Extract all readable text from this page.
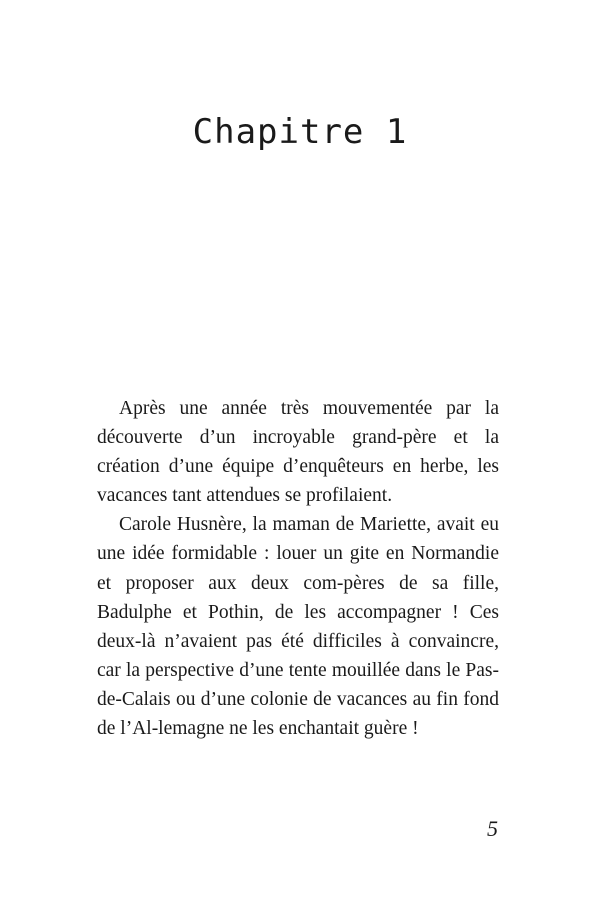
Chapitre 1

Après une année très mouvementée par la découverte d’un incroyable grand-père et la création d’une équipe d’enquêteurs en herbe, les vacances tant attendues se profilaient.

Carole Husnère, la maman de Mariette, avait eu une idée formidable : louer un gite en Normandie et proposer aux deux com-pères de sa fille, Badulphe et Pothin, de les accompagner ! Ces deux-là n’avaient pas été difficiles à convaincre, car la perspective d’une tente mouillée dans le Pas-de-Calais ou d’une colonie de vacances au fin fond de l’Al-lemagne ne les enchantait guère !

5
